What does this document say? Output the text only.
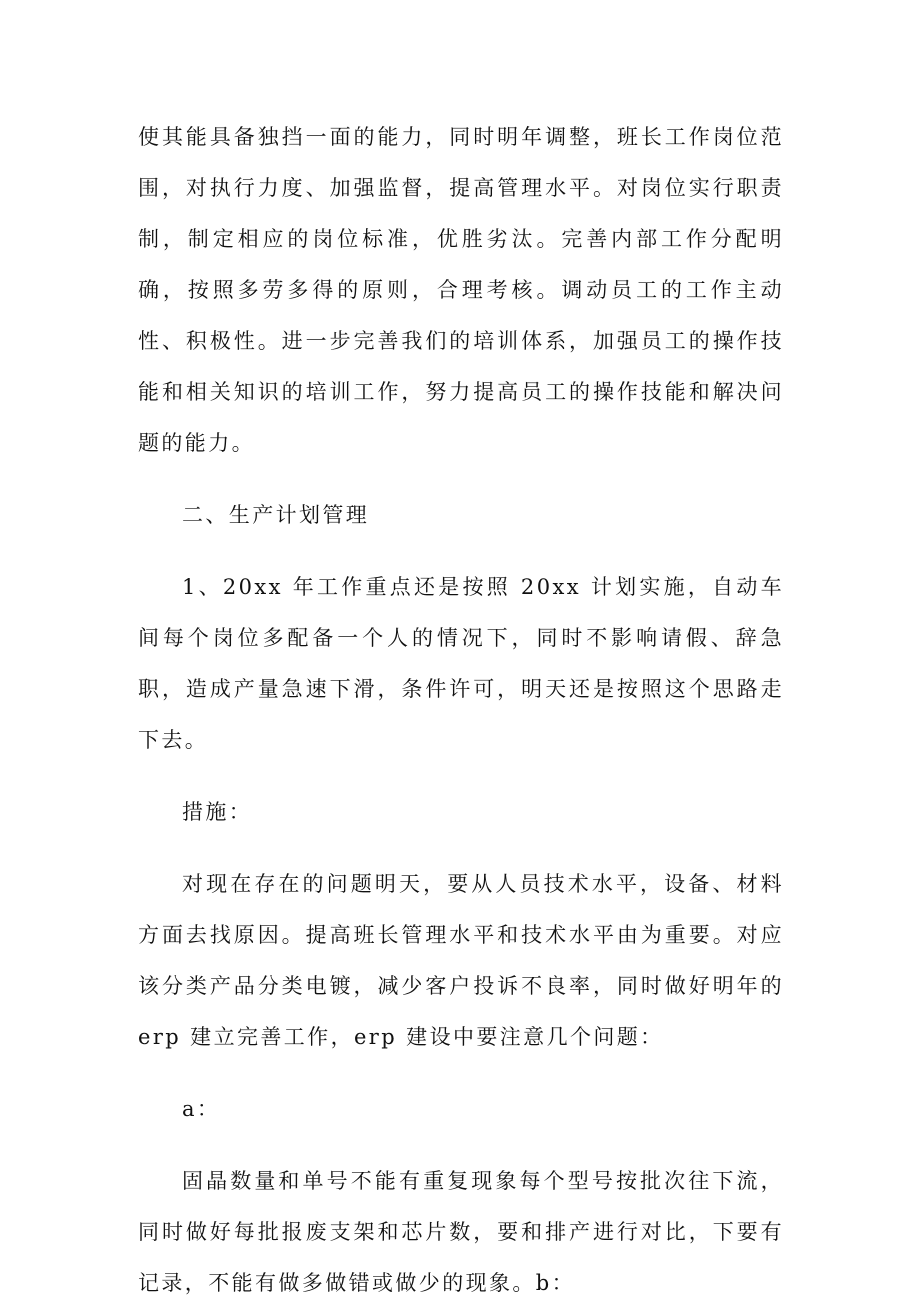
使其能具备独挡一面的能力，同时明年调整，班长工作岗位范围，对执行力度、加强监督，提高管理水平。对岗位实行职责制，制定相应的岗位标准，优胜劣汰。完善内部工作分配明确，按照多劳多得的原则，合理考核。调动员工的工作主动性、积极性。进一步完善我们的培训体系，加强员工的操作技能和相关知识的培训工作，努力提高员工的操作技能和解决问题的能力。

二、生产计划管理

1、20xx 年工作重点还是按照 20xx 计划实施，自动车间每个岗位多配备一个人的情况下，同时不影响请假、辞急职，造成产量急速下滑，条件许可，明天还是按照这个思路走下去。

措施：

对现在存在的问题明天，要从人员技术水平，设备、材料方面去找原因。提高班长管理水平和技术水平由为重要。对应该分类产品分类电镀，减少客户投诉不良率，同时做好明年的 erp 建立完善工作，erp 建设中要注意几个问题：

a：

固晶数量和单号不能有重复现象每个型号按批次往下流，同时做好每批报废支架和芯片数，要和排产进行对比，下要有记录，不能有做多做错或做少的现象。b：
